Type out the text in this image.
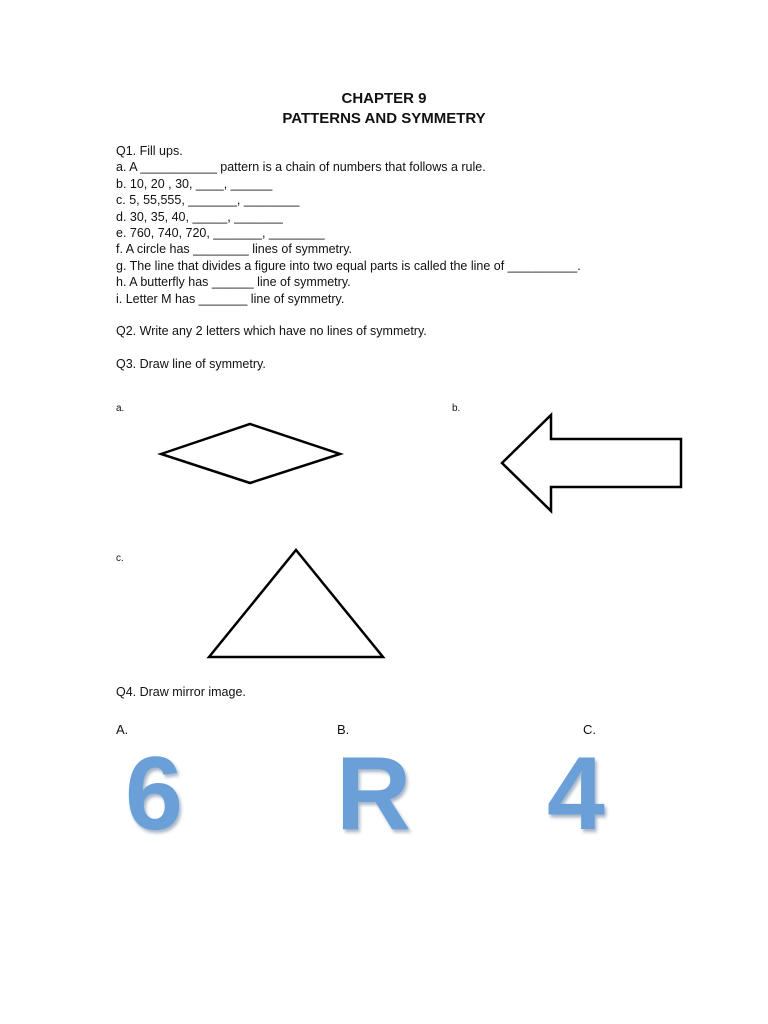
CHAPTER 9
PATTERNS AND SYMMETRY
Q1. Fill ups.
a. A ___________ pattern is a chain of numbers that follows a rule.
b. 10, 20 , 30, ____, ______
c. 5, 55,555, _______, ________
d. 30, 35, 40, _____, _______
e. 760, 740, 720, _______, ________
f. A circle has ________ lines of symmetry.
g. The line that divides a figure into two equal parts is called the line of __________.
h. A butterfly has ______ line of symmetry.
i. Letter M has _______ line of symmetry.
Q2. Write any 2 letters which have no lines of symmetry.
Q3. Draw line of symmetry.
a.	b.
c.
Q4. Draw mirror image.
A.	B.	C.
6 R 4
